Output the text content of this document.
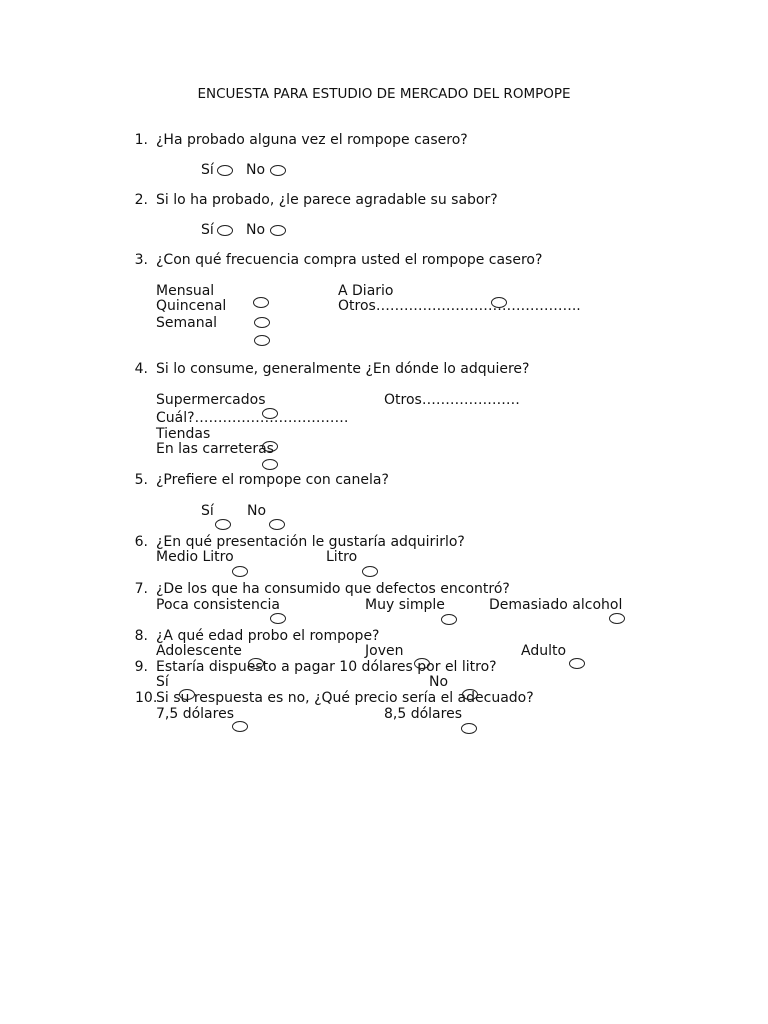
ENCUESTA PARA ESTUDIO DE MERCADO DEL ROMPOPE
1. ¿Ha probado alguna vez el rompope casero?
Sí No
2. Si lo ha probado, ¿le parece agradable su sabor?
Sí No
3. ¿Con qué frecuencia compra usted el rompope casero?
Mensual
Quincenal
Semanal
A Diario
Otros……………………………………..
4. Si lo consume, generalmente ¿En dónde lo adquiere?
Supermercados	Otros…………………
Cuál?……………………………
Tiendas
En las carreteras
5. ¿Prefiere el rompope con canela?
Sí No
6. ¿En qué presentación le gustaría adquirirlo?
Medio Litro	Litro
7. ¿De los que ha consumido que defectos encontró?
Poca consistencia	Muy simple	Demasiado alcohol
8. ¿A qué edad probo el rompope?
Adolescente	Joven	Adulto
9. Estaría dispuesto a pagar 10 dólares por el litro?
Sí	No
10.
Si su respuesta es no, ¿Qué precio sería el adecuado?
7,5 dólares	8,5 dólares
